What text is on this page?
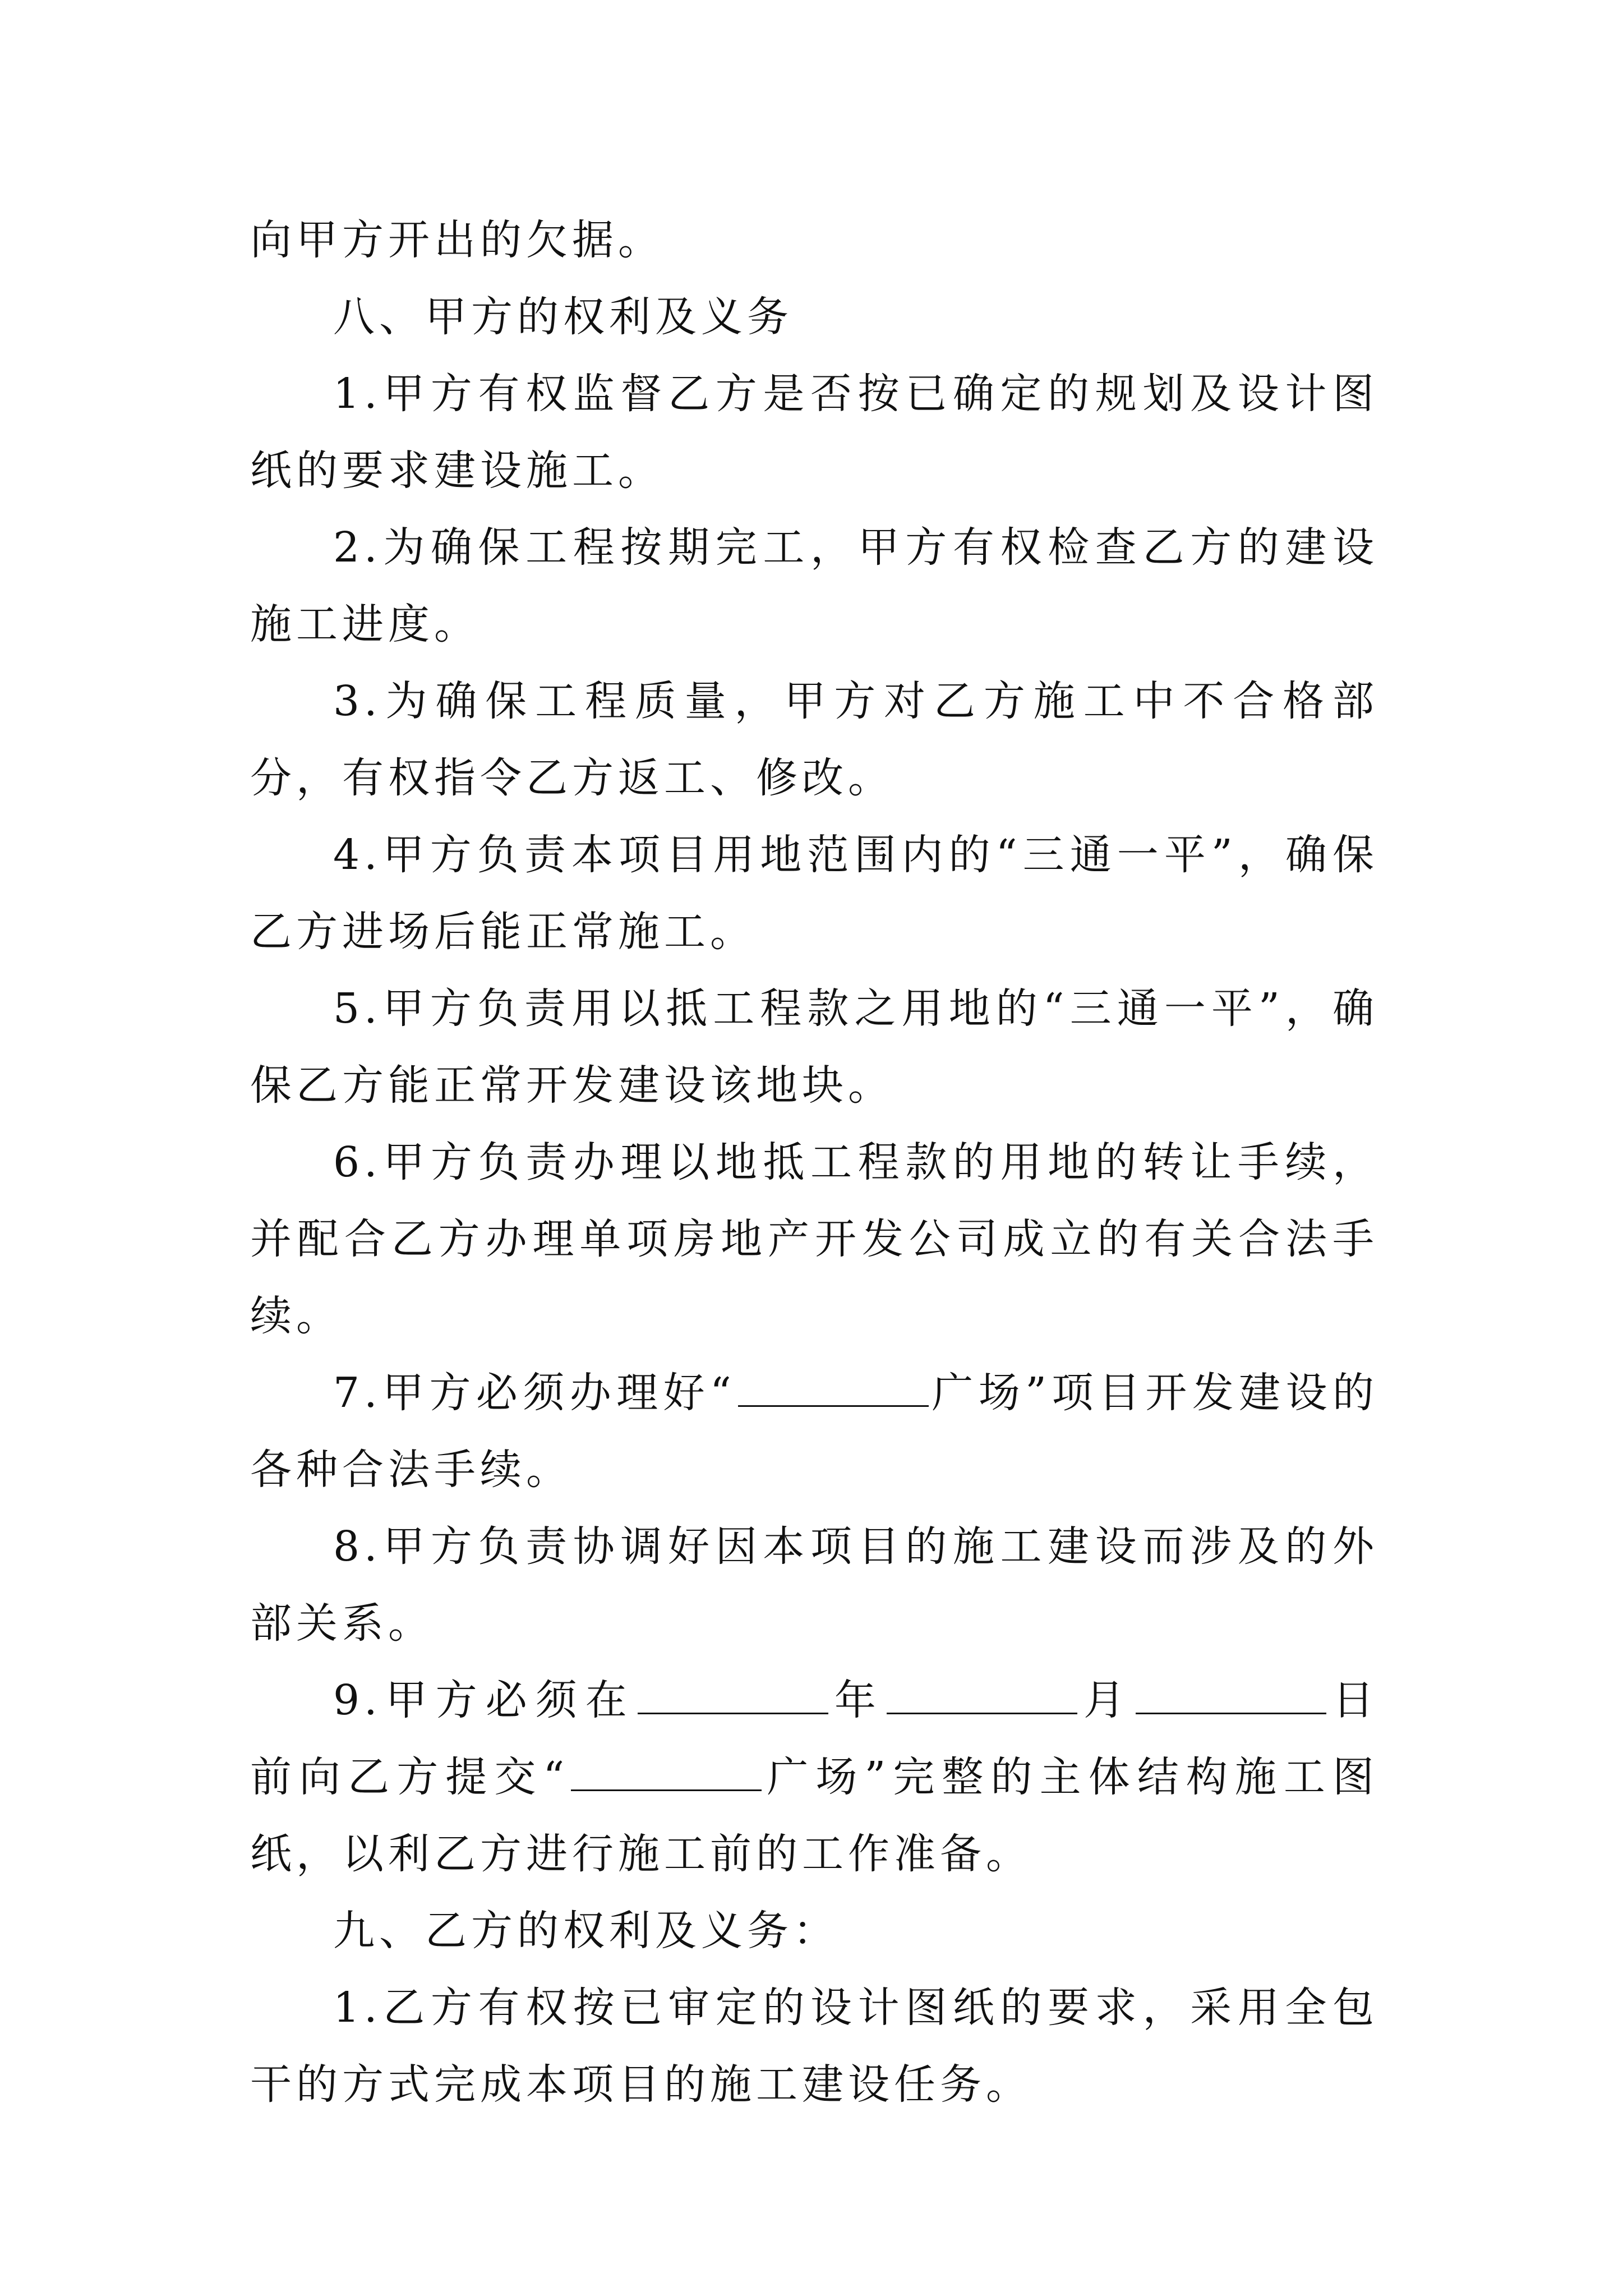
向甲方开出的欠据。

八、甲方的权利及义务

1.甲方有权监督乙方是否按已确定的规划及设计图纸的要求建设施工。

2.为确保工程按期完工，甲方有权检查乙方的建设施工进度。

3.为确保工程质量，甲方对乙方施工中不合格部分，有权指令乙方返工、修改。

4.甲方负责本项目用地范围内的“三通一平”，确保乙方进场后能正常施工。

5.甲方负责用以抵工程款之用地的“三通一平”，确保乙方能正常开发建设该地块。

6.甲方负责办理以地抵工程款的用地的转让手续，并配合乙方办理单项房地产开发公司成立的有关合法手续。

7.甲方必须办理好“	广场”项目开发建设的各种合法手续。

8.甲方负责协调好因本项目的施工建设而涉及的外部关系。

9.甲方必须在	年	月	日前向乙方提交“	广场”完整的主体结构施工图纸，以利乙方进行施工前的工作准备。

九、乙方的权利及义务：

1.乙方有权按已审定的设计图纸的要求，采用全包干的方式完成本项目的施工建设任务。
